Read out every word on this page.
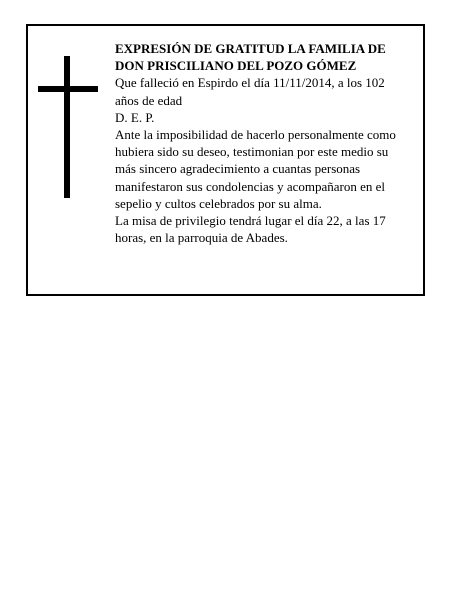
EXPRESIÓN DE GRATITUD LA FAMILIA DE

DON PRISCILIANO DEL POZO GÓMEZ

Que falleció en Espirdo el día 11/11/2014, a los 102

años de edad

D. E. P.

Ante la imposibilidad de hacerlo personalmente como

hubiera sido su deseo, testimonian por este medio su

más sincero agradecimiento a cuantas personas

manifestaron sus condolencias y acompañaron en el

sepelio y cultos celebrados por su alma.

La misa de privilegio tendrá lugar el día 22, a las 17

horas, en la parroquia de Abades.
